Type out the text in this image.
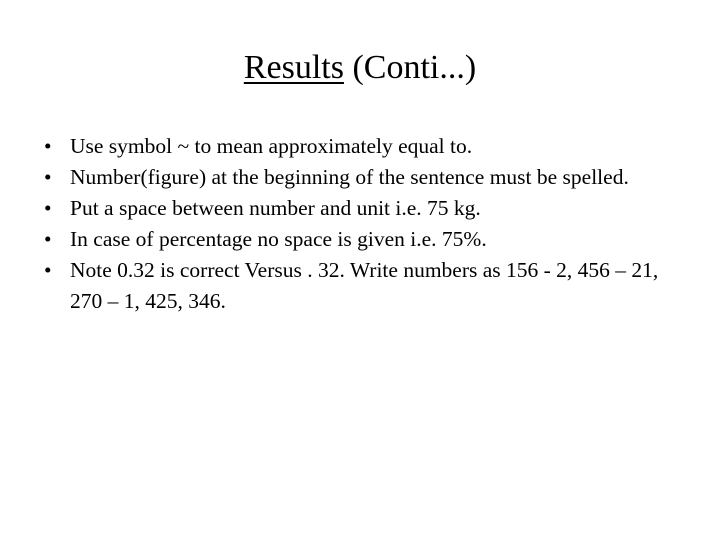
Results (Conti...)
• Use symbol ~ to mean approximately equal to.
• Number(figure) at the beginning of the sentence must be spelled.
• Put a space between number and unit i.e. 75 kg.
• In case of percentage no space is given i.e. 75%.
• Note 0.32 is correct Versus . 32. Write numbers as 156 - 2, 456 – 21, 270 – 1, 425, 346.
